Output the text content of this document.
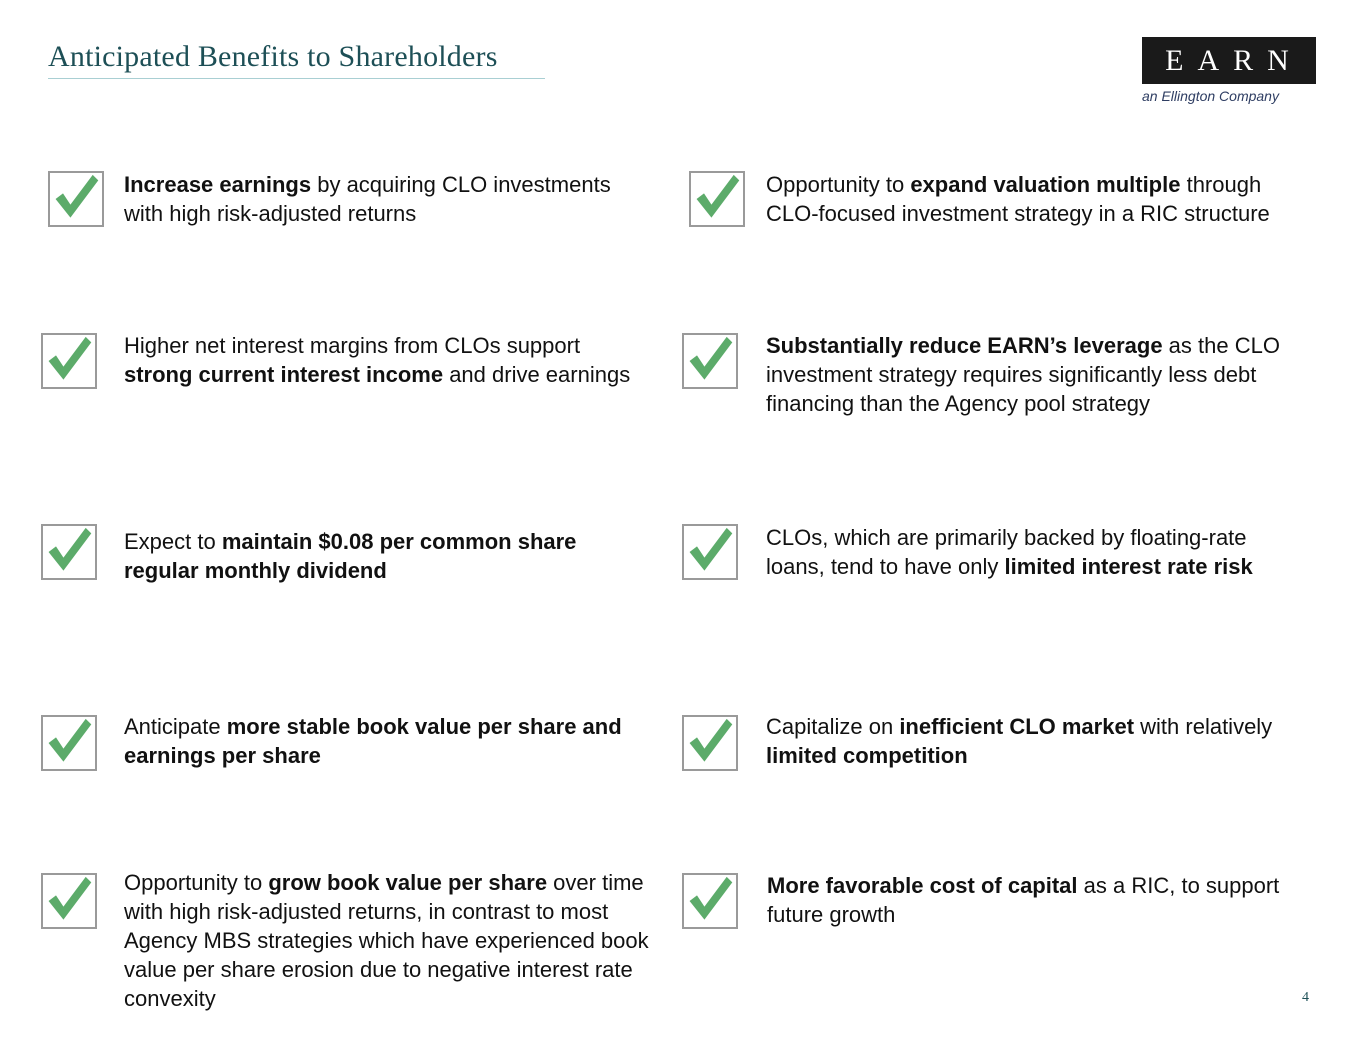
Anticipated Benefits to Shareholders	EARN
an Ellington Company
Increase earnings by acquiring CLO investments with high risk-adjusted returns
Higher net interest margins from CLOs support strong current interest income and drive earnings
Expect to maintain $0.08 per common share regular monthly dividend
Anticipate more stable book value per share and earnings per share
Opportunity to grow book value per share over time with high risk-adjusted returns, in contrast to most Agency MBS strategies which have experienced book value per share erosion due to negative interest rate convexity
Opportunity to expand valuation multiple through CLO-focused investment strategy in a RIC structure
Substantially reduce EARN’s leverage as the CLO investment strategy requires significantly less debt financing than the Agency pool strategy
CLOs, which are primarily backed by floating-rate loans, tend to have only limited interest rate risk
Capitalize on inefficient CLO market with relatively limited competition
More favorable cost of capital as a RIC, to support future growth
4
